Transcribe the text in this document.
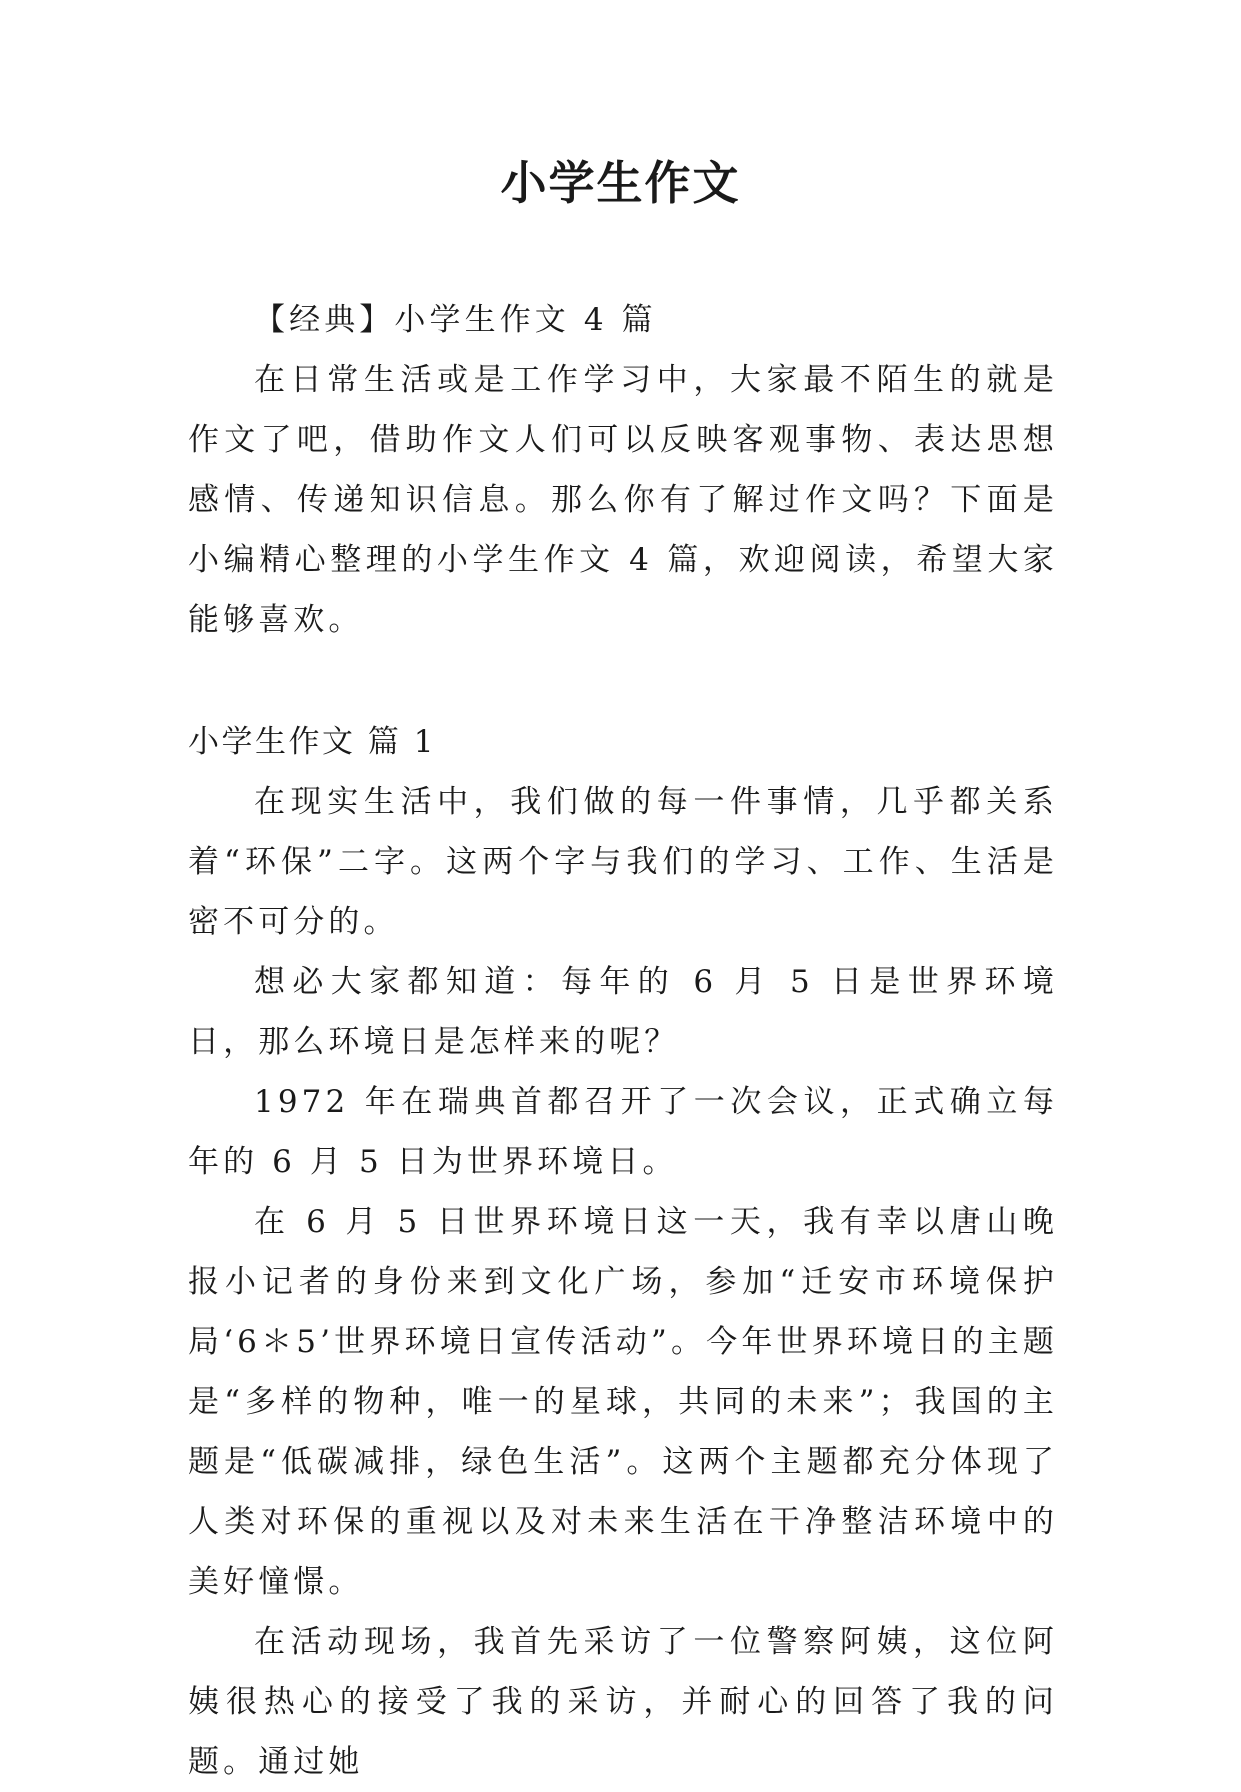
小学生作文

【经典】小学生作文 4 篇

在日常生活或是工作学习中，大家最不陌生的就是作文了吧，借助作文人们可以反映客观事物、表达思想感情、传递知识信息。那么你有了解过作文吗？下面是小编精心整理的小学生作文 4 篇，欢迎阅读，希望大家能够喜欢。

小学生作文 篇 1

在现实生活中，我们做的每一件事情，几乎都关系着“环保”二字。这两个字与我们的学习、工作、生活是密不可分的。

想必大家都知道：每年的 6 月 5 日是世界环境日，那么环境日是怎样来的呢？

1972 年在瑞典首都召开了一次会议，正式确立每年的 6 月 5 日为世界环境日。

在 6 月 5 日世界环境日这一天，我有幸以唐山晚报小记者的身份来到文化广场，参加“迁安市环境保护局‘6＊5’世界环境日宣传活动”。今年世界环境日的主题是“多样的物种，唯一的星球，共同的未来”；我国的主题是“低碳减排，绿色生活”。这两个主题都充分体现了人类对环保的重视以及对未来生活在干净整洁环境中的美好憧憬。

在活动现场，我首先采访了一位警察阿姨，这位阿姨很热心的接受了我的采访，并耐心的回答了我的问题。通过她
